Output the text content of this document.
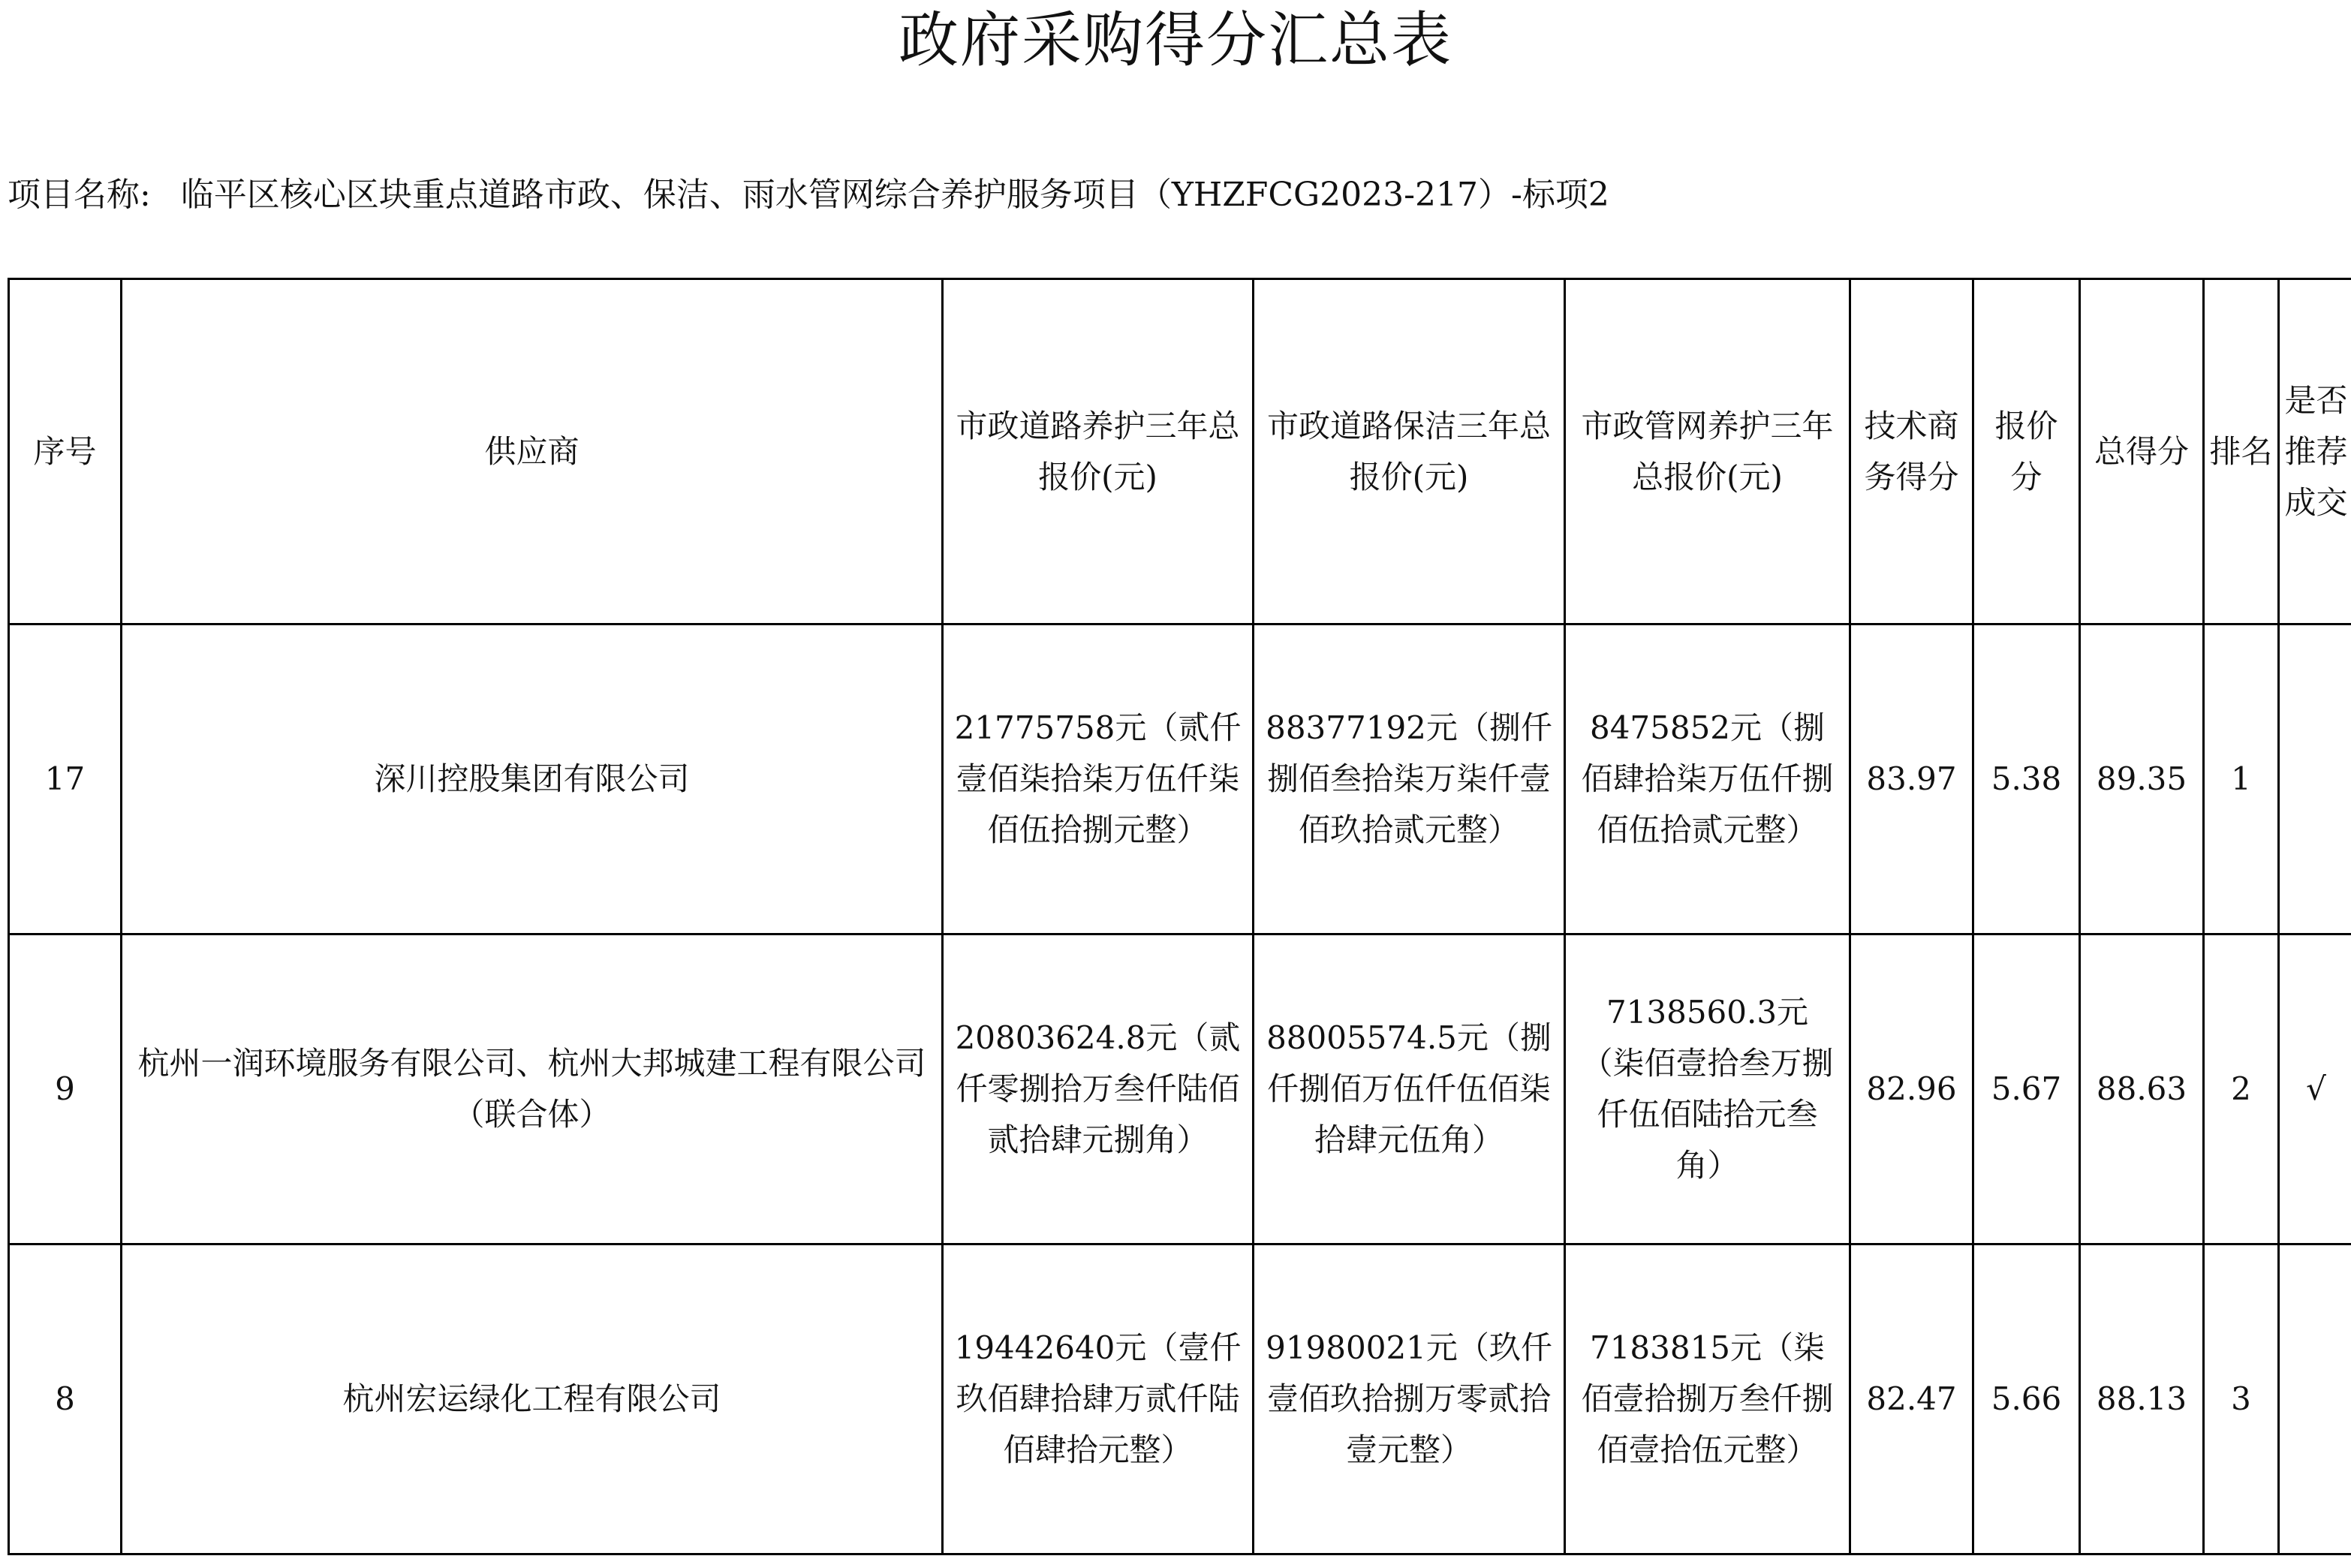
政府采购得分汇总表
项目名称: 临平区核心区块重点道路市政、保洁、雨水管网综合养护服务项目（YHZFCG2023-217）-标项2
序号	供应商	市政道路养护三年总报价(元)	市政道路保洁三年总报价(元)	市政管网养护三年总报价(元)	技术商务得分	报价分	总得分	排名	是否推荐成交
17	深川控股集团有限公司	21775758元（贰仟壹佰柒拾柒万伍仟柒佰伍拾捌元整）	88377192元（捌仟捌佰叁拾柒万柒仟壹佰玖拾贰元整）	8475852元（捌佰肆拾柒万伍仟捌佰伍拾贰元整）	83.97	5.38	89.35	1	
9	杭州一润环境服务有限公司、杭州大邦城建工程有限公司（联合体）	20803624.8元（贰仟零捌拾万叁仟陆佰贰拾肆元捌角）	88005574.5元（捌仟捌佰万伍仟伍佰柒拾肆元伍角）	7138560.3元（柒佰壹拾叁万捌仟伍佰陆拾元叁角）	82.96	5.67	88.63	2	√
8	杭州宏运绿化工程有限公司	19442640元（壹仟玖佰肆拾肆万贰仟陆佰肆拾元整）	91980021元（玖仟壹佰玖拾捌万零贰拾壹元整）	7183815元（柒佰壹拾捌万叁仟捌佰壹拾伍元整）	82.47	5.66	88.13	3	
